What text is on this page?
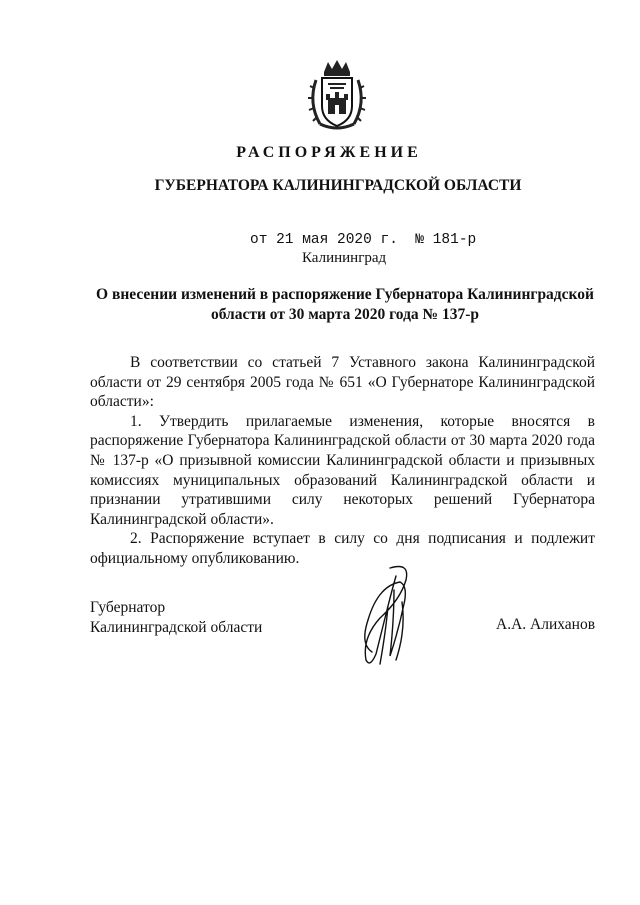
РАСПОРЯЖЕНИЕ
ГУБЕРНАТОРА КАЛИНИНГРАДСКОЙ ОБЛАСТИ
от 21 мая 2020 г.  № 181-р
Калининград
О внесении изменений в распоряжение Губернатора Калининградской области от 30 марта 2020 года № 137-р

В соответствии со статьей 7 Уставного закона Калининградской области от 29 сентября 2005 года № 651 «О Губернаторе Калининградской области»:

1. Утвердить прилагаемые изменения, которые вносятся в распоряжение Губернатора Калининградской области от 30 марта 2020 года № 137-р «О призывной комиссии Калининградской области и призывных комиссиях муниципальных образований Калининградской области и признании утратившими силу некоторых решений Губернатора Калининградской области».

2. Распоряжение вступает в силу со дня подписания и подлежит официальному опубликованию.

Губернатор
Калининградской области	А.А. Алиханов
